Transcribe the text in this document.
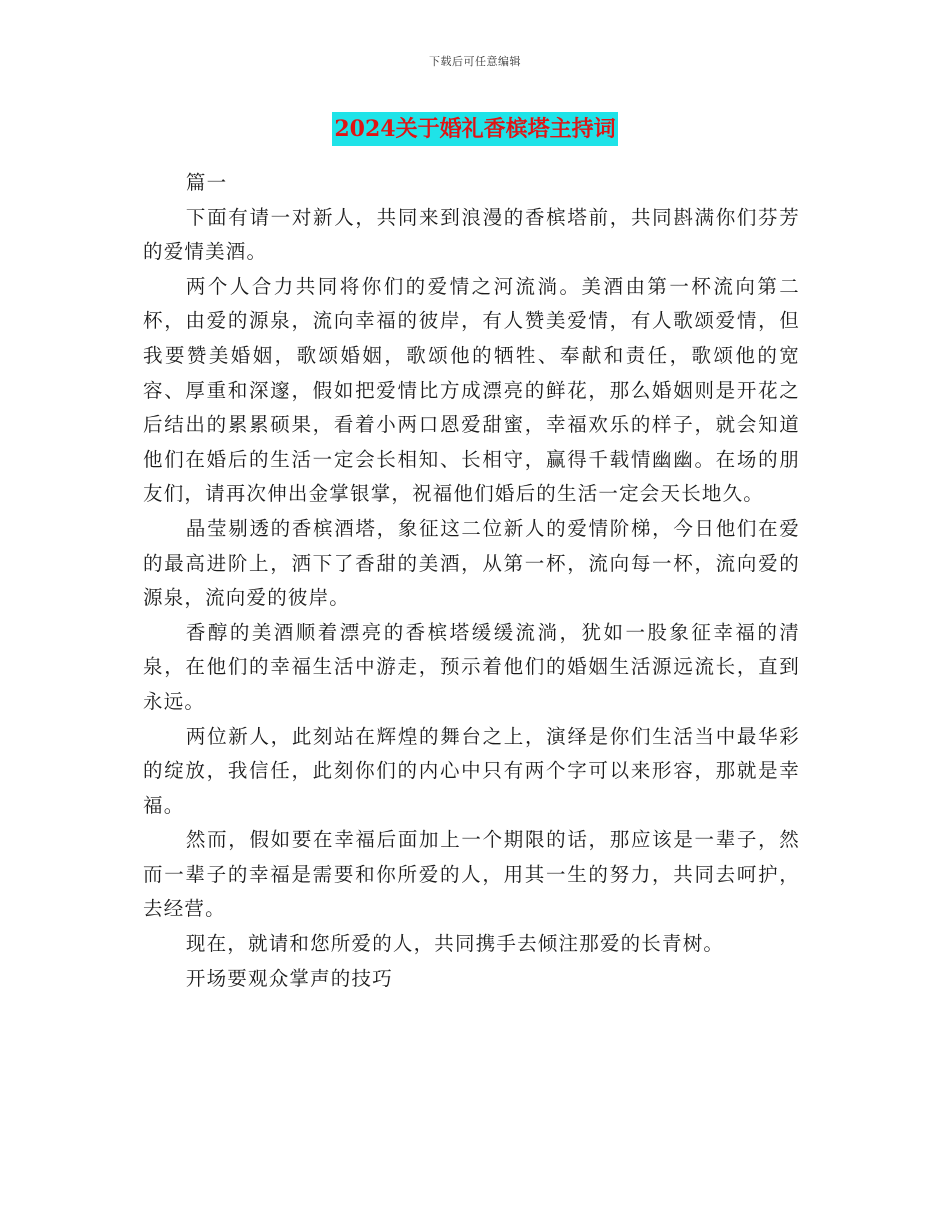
下载后可任意编辑
2024关于婚礼香槟塔主持词

篇一

下面有请一对新人，共同来到浪漫的香槟塔前，共同斟满你们芬芳的爱情美酒。

两个人合力共同将你们的爱情之河流淌。美酒由第一杯流向第二杯，由爱的源泉，流向幸福的彼岸，有人赞美爱情，有人歌颂爱情，但我要赞美婚姻，歌颂婚姻，歌颂他的牺牲、奉献和责任，歌颂他的宽容、厚重和深邃，假如把爱情比方成漂亮的鲜花，那么婚姻则是开花之后结出的累累硕果，看着小两口恩爱甜蜜，幸福欢乐的样子，就会知道他们在婚后的生活一定会长相知、长相守，赢得千载情幽幽。在场的朋友们，请再次伸出金掌银掌，祝福他们婚后的生活一定会天长地久。

晶莹剔透的香槟酒塔，象征这二位新人的爱情阶梯，今日他们在爱的最高进阶上，洒下了香甜的美酒，从第一杯，流向每一杯，流向爱的源泉，流向爱的彼岸。

香醇的美酒顺着漂亮的香槟塔缓缓流淌，犹如一股象征幸福的清泉，在他们的幸福生活中游走，预示着他们的婚姻生活源远流长，直到永远。

两位新人，此刻站在辉煌的舞台之上，演绎是你们生活当中最华彩的绽放，我信任，此刻你们的内心中只有两个字可以来形容，那就是幸福。

然而，假如要在幸福后面加上一个期限的话，那应该是一辈子，然而一辈子的幸福是需要和你所爱的人，用其一生的努力，共同去呵护，去经营。

现在，就请和您所爱的人，共同携手去倾注那爱的长青树。

开场要观众掌声的技巧
